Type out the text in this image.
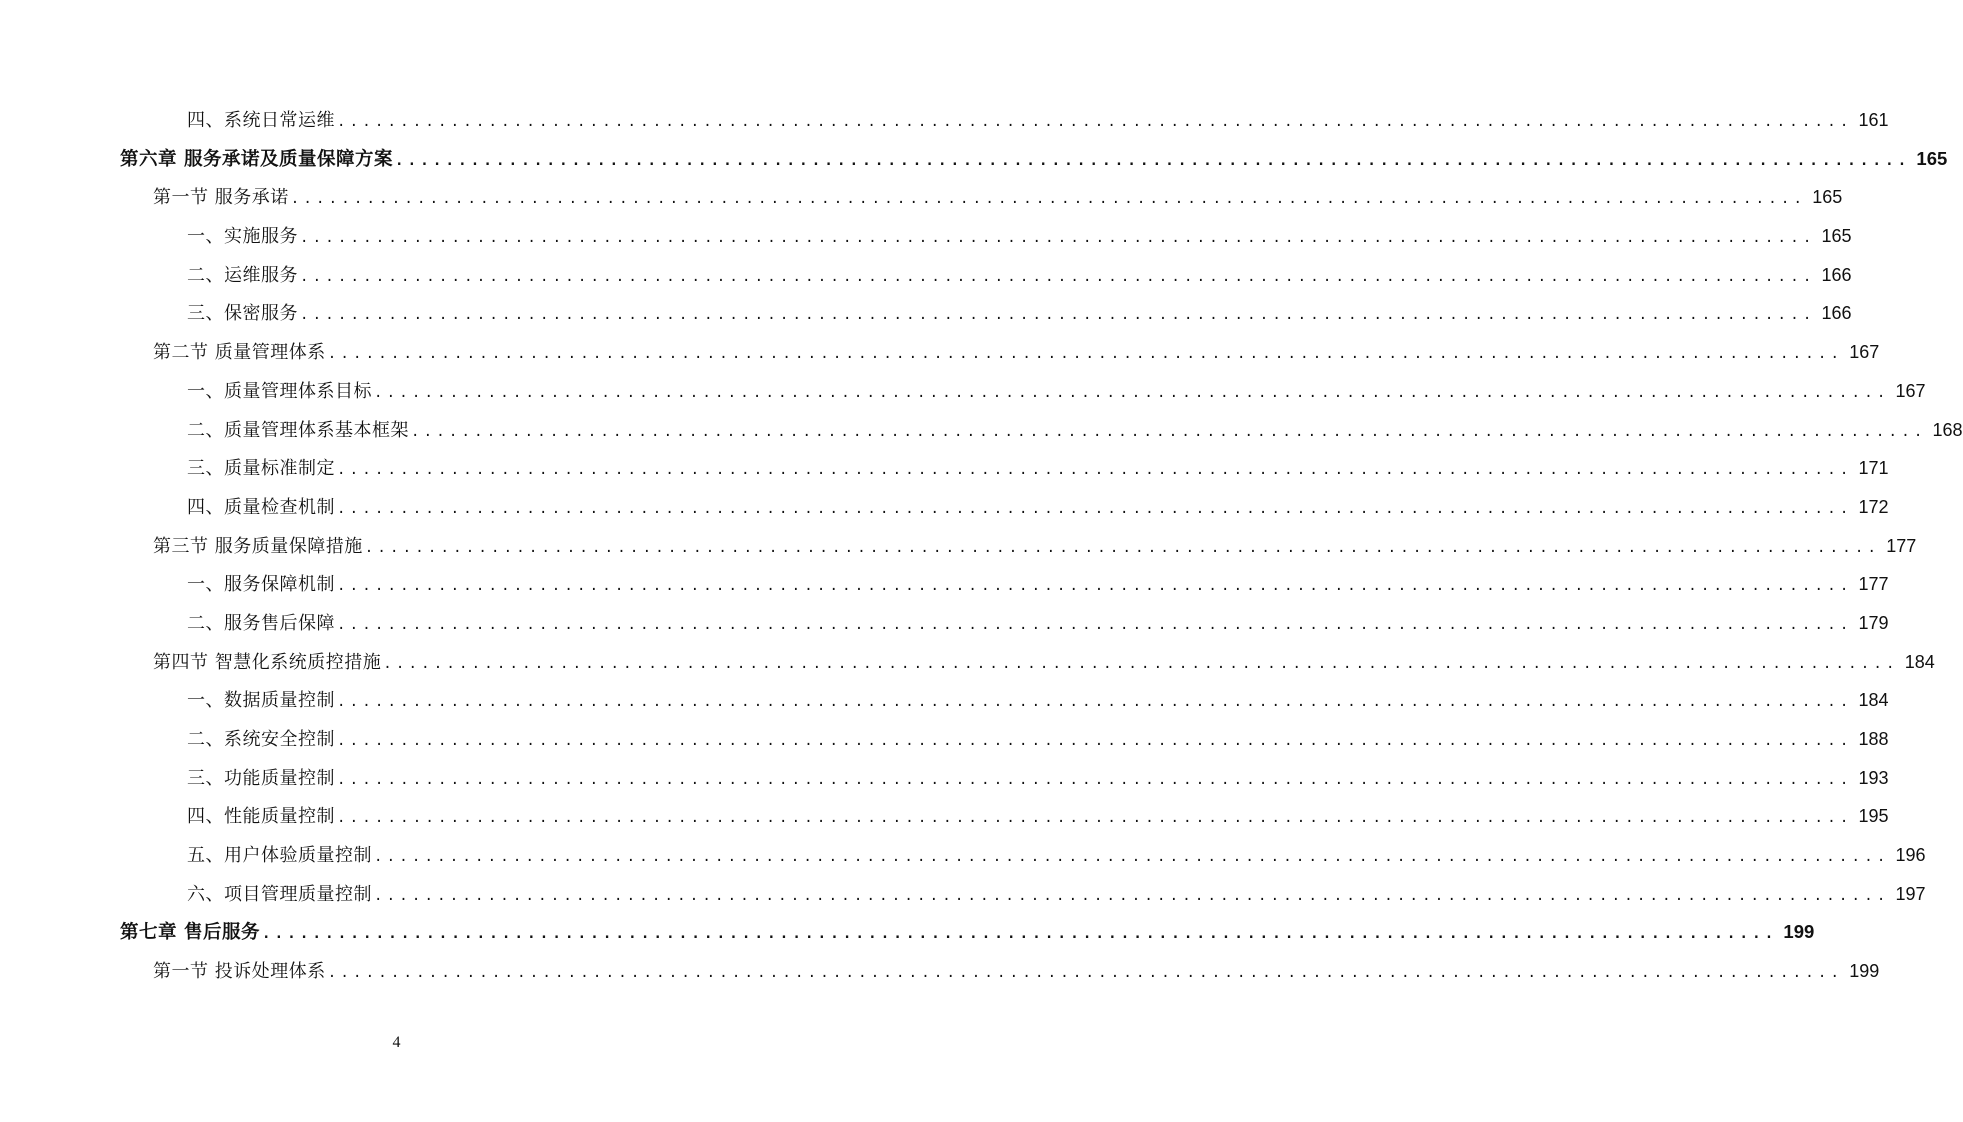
四、系统日常运维 ........................................................................................................................ 161
第六章 服务承诺及质量保障方案 ........................................................................................................................ 165
第一节 服务承诺 ........................................................................................................................ 165
一、实施服务 ........................................................................................................................ 165
二、运维服务 ........................................................................................................................ 166
三、保密服务 ........................................................................................................................ 166
第二节 质量管理体系 ........................................................................................................................ 167
一、质量管理体系目标 ........................................................................................................................ 167
二、质量管理体系基本框架 ........................................................................................................................ 168
三、质量标准制定 ........................................................................................................................ 171
四、质量检查机制 ........................................................................................................................ 172
第三节 服务质量保障措施 ........................................................................................................................ 177
一、服务保障机制 ........................................................................................................................ 177
二、服务售后保障 ........................................................................................................................ 179
第四节 智慧化系统质控措施 ........................................................................................................................ 184
一、数据质量控制 ........................................................................................................................ 184
二、系统安全控制 ........................................................................................................................ 188
三、功能质量控制 ........................................................................................................................ 193
四、性能质量控制 ........................................................................................................................ 195
五、用户体验质量控制 ........................................................................................................................ 196
六、项目管理质量控制 ........................................................................................................................ 197
第七章 售后服务 ........................................................................................................................ 199
第一节 投诉处理体系 ........................................................................................................................ 199
4
